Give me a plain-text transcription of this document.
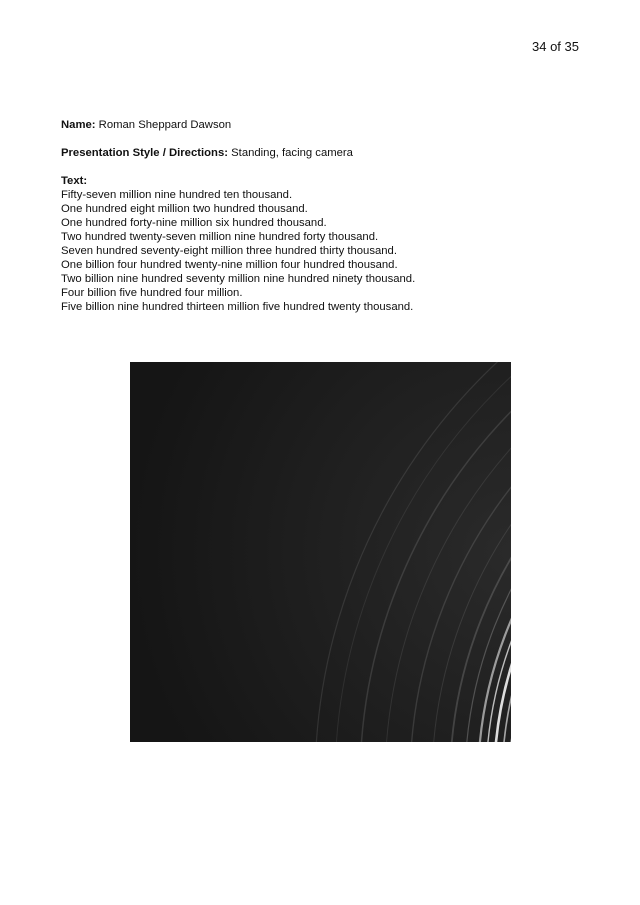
34 of 35

Name: Roman Sheppard Dawson

Presentation Style / Directions: Standing, facing camera

Text:

Fifty-seven million nine hundred ten thousand.
One hundred eight million two hundred thousand.
One hundred forty-nine million six hundred thousand.
Two hundred twenty-seven million nine hundred forty thousand.
Seven hundred seventy-eight million three hundred thirty thousand.
One billion four hundred twenty-nine million four hundred thousand.
Two billion nine hundred seventy million nine hundred ninety thousand.
Four billion five hundred four million.
Five billion nine hundred thirteen million five hundred twenty thousand.
